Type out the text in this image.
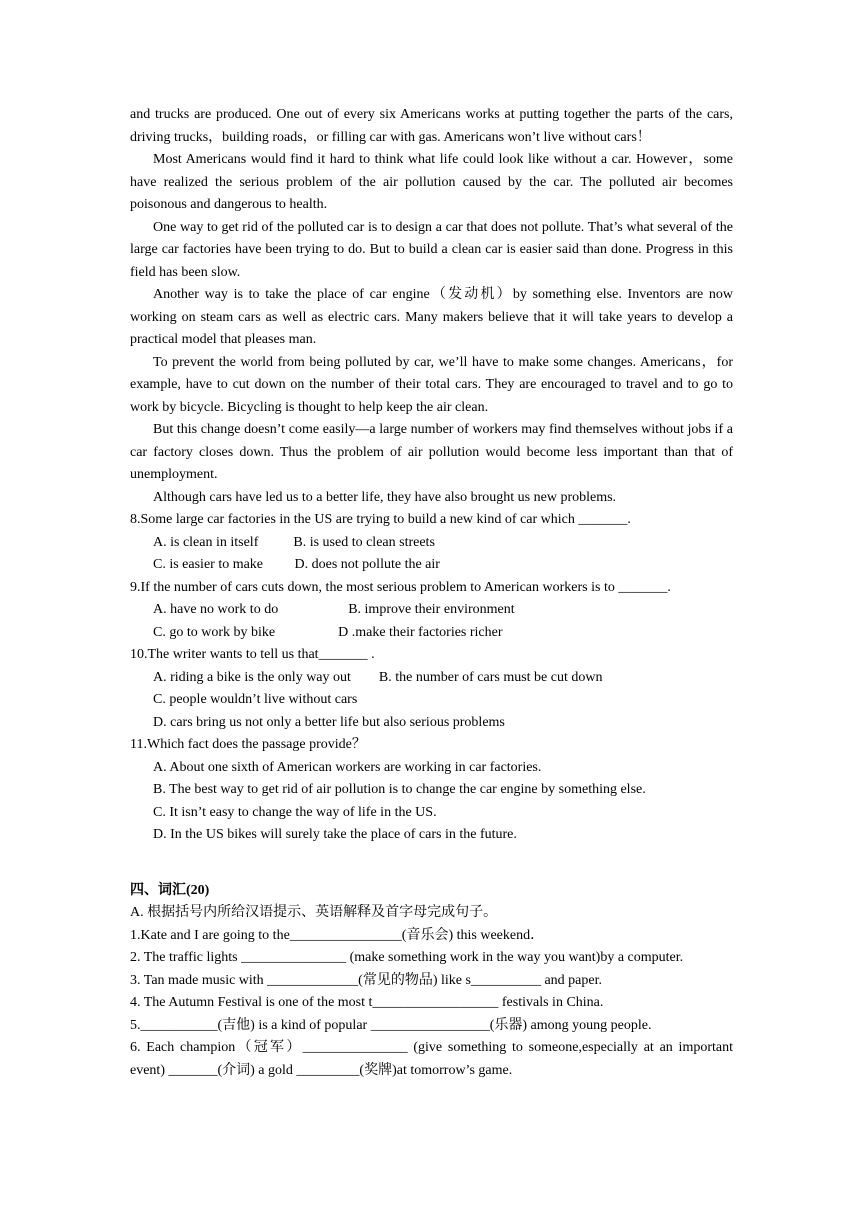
and trucks are produced. One out of every six Americans works at putting together the parts of the cars, driving trucks，building roads，or filling car with gas. Americans won’t live without cars！

Most Americans would find it hard to think what life could look like without a car. However，some have realized the serious problem of the air pollution caused by the car. The polluted air becomes poisonous and dangerous to health.

One way to get rid of the polluted car is to design a car that does not pollute. That’s what several of the large car factories have been trying to do. But to build a clean car is easier said than done. Progress in this field has been slow.

Another way is to take the place of car engine（发动机）by something else. Inventors are now working on steam cars as well as electric cars. Many makers believe that it will take years to develop a practical model that pleases man.

To prevent the world from being polluted by car, we’ll have to make some changes. Americans，for example, have to cut down on the number of their total cars. They are encouraged to travel and to go to work by bicycle. Bicycling is thought to help keep the air clean.

But this change doesn’t come easily—a large number of workers may find themselves without jobs if a car factory closes down. Thus the problem of air pollution would become less important than that of unemployment.

Although cars have led us to a better life, they have also brought us new problems.

8.Some large car factories in the US are trying to build a new kind of car which _______.

A. is clean in itself          B. is used to clean streets

C. is easier to make         D. does not pollute the air

9.If the number of cars cuts down, the most serious problem to American workers is to _______.

A. have no work to do                    B. improve their environment

C. go to work by bike                  D .make their factories richer

10.The writer wants to tell us that_______ .

A. riding a bike is the only way out        B. the number of cars must be cut down

C. people wouldn’t live without cars

D. cars bring us not only a better life but also serious problems

11.Which fact does the passage provide？

A. About one sixth of American workers are working in car factories.

B. The best way to get rid of air pollution is to change the car engine by something else.

C. It isn’t easy to change the way of life in the US.

D. In the US bikes will surely take the place of cars in the future.

四、词汇(20)

A. 根据括号内所给汉语提示、英语解释及首字母完成句子。

1.Kate and I are going to the________________(音乐会) this weekend．

2. The traffic lights _______________ (make something work in the way you want)by a computer.

3. Tan made music with _____________(常见的物品) like s__________ and paper.

4. The Autumn Festival is one of the most t__________________ festivals in China.

5.___________(吉他) is a kind of popular _________________(乐器) among young people.

6. Each champion（冠军）_______________ (give something to someone,especially at an important event) _______(介词) a gold _________(奖牌)at tomorrow’s game.
